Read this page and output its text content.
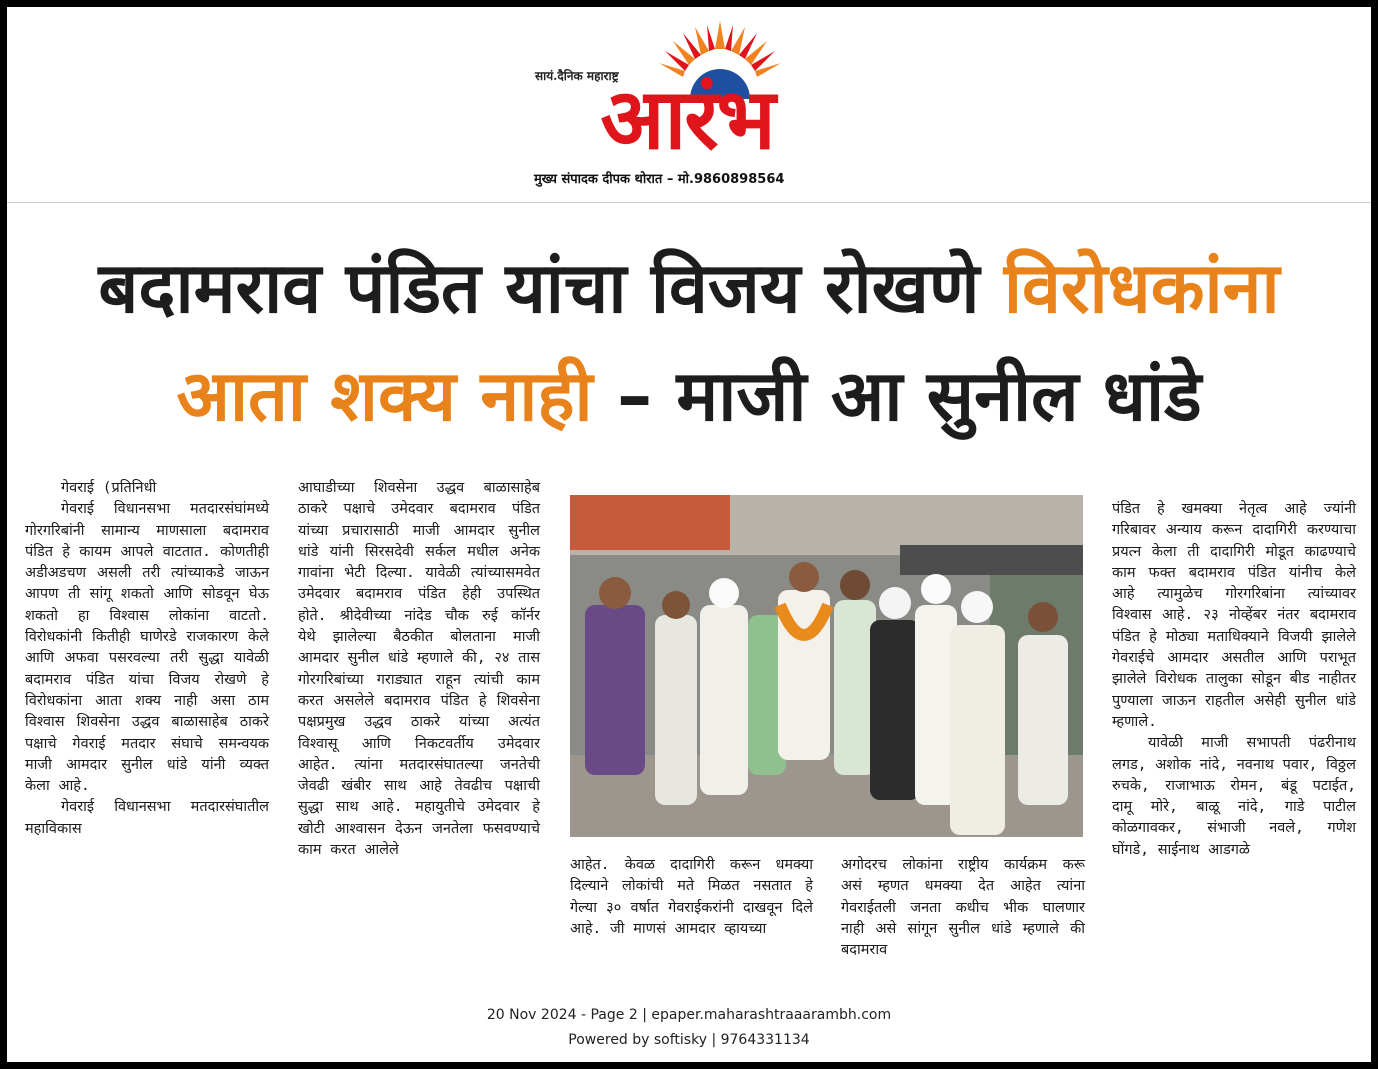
सायं.दैनिक महाराष्ट्र
आरंभ
मुख्य संपादक दीपक थोरात – मो.9860898564
बदामराव पंडित यांचा विजय रोखणे विरोधकांना
आता शक्य नाही – माजी आ सुनील धांडे

गेवराई (प्रतिनिधी

गेवराई विधानसभा मतदारसंघांमध्ये गोरगरिबांनी सामान्य माणसाला बदामराव पंडित हे कायम आपले वाटतात. कोणतीही अडीअडचण असली तरी त्यांच्याकडे जाऊन आपण ती सांगू शकतो आणि सोडवून घेऊ शकतो हा विश्वास लोकांना वाटतो. विरोधकांनी कितीही घाणेरडे राजकारण केले आणि अफवा पसरवल्या तरी सुद्धा यावेळी बदामराव पंडित यांचा विजय रोखणे हे विरोधकांना आता शक्य नाही असा ठाम विश्वास शिवसेना उद्धव बाळासाहेब ठाकरे पक्षाचे गेवराई मतदार संघाचे समन्वयक माजी आमदार सुनील धांडे यांनी व्यक्त केला आहे.

गेवराई विधानसभा मतदारसंघातील महाविकास

आघाडीच्या शिवसेना उद्धव बाळासाहेब ठाकरे पक्षाचे उमेदवार बदामराव पंडित यांच्या प्रचारासाठी माजी आमदार सुनील धांडे यांनी सिरसदेवी सर्कल मधील अनेक गावांना भेटी दिल्या. यावेळी त्यांच्यासमवेत उमेदवार बदामराव पंडित हेही उपस्थित होते. श्रीदेवीच्या नांदेड चौक रुई कॉर्नर येथे झालेल्या बैठकीत बोलताना माजी आमदार सुनील धांडे म्हणाले की, २४ तास गोरगरिबांच्या गराड्यात राहून त्यांची काम करत असलेले बदामराव पंडित हे शिवसेना पक्षप्रमुख उद्धव ठाकरे यांच्या अत्यंत विश्वासू आणि निकटवर्तीय उमेदवार आहेत. त्यांना मतदारसंघातल्या जनतेची जेवढी खंबीर साथ आहे तेवढीच पक्षाची सुद्धा साथ आहे. महायुतीचे उमेदवार हे खोटी आश्वासन देऊन जनतेला फसवण्याचे काम करत आलेले

आहेत. केवळ दादागिरी करून धमक्या दिल्याने लोकांची मते मिळत नसतात हे गेल्या ३० वर्षात गेवराईकरांनी दाखवून दिले आहे. जी माणसं आमदार व्हायच्या

अगोदरच लोकांना राष्ट्रीय कार्यक्रम करू असं म्हणत धमक्या देत आहेत त्यांना गेवराईतली जनता कधीच भीक घालणार नाही असे सांगून सुनील धांडे म्हणाले की बदामराव

पंडित हे खमक्या नेतृत्व आहे ज्यांनी गरिबावर अन्याय करून दादागिरी करण्याचा प्रयत्न केला ती दादागिरी मोडूत काढण्याचे काम फक्त बदामराव पंडित यांनीच केले आहे त्यामुळेच गोरगरिबांना त्यांच्यावर विश्वास आहे. २३ नोव्हेंबर नंतर बदामराव पंडित हे मोठ्या मताधिक्याने विजयी झालेले गेवराईचे आमदार असतील आणि पराभूत झालेले विरोधक तालुका सोडून बीड नाहीतर पुण्याला जाऊन राहतील असेही सुनील धांडे म्हणाले.

यावेळी माजी सभापती पंढरीनाथ लगड, अशोक नांदे, नवनाथ पवार, विठ्ठल रुचके, राजाभाऊ रोमन, बंडू पटाईत, दामू मोरे, बाळू नांदे, गाडे पाटील कोळगावकर, संभाजी नवले, गणेश घोंगडे, साईनाथ आडगळे

20 Nov 2024 - Page 2 | epaper.maharashtraaarambh.com
Powered by softisky | 9764331134
